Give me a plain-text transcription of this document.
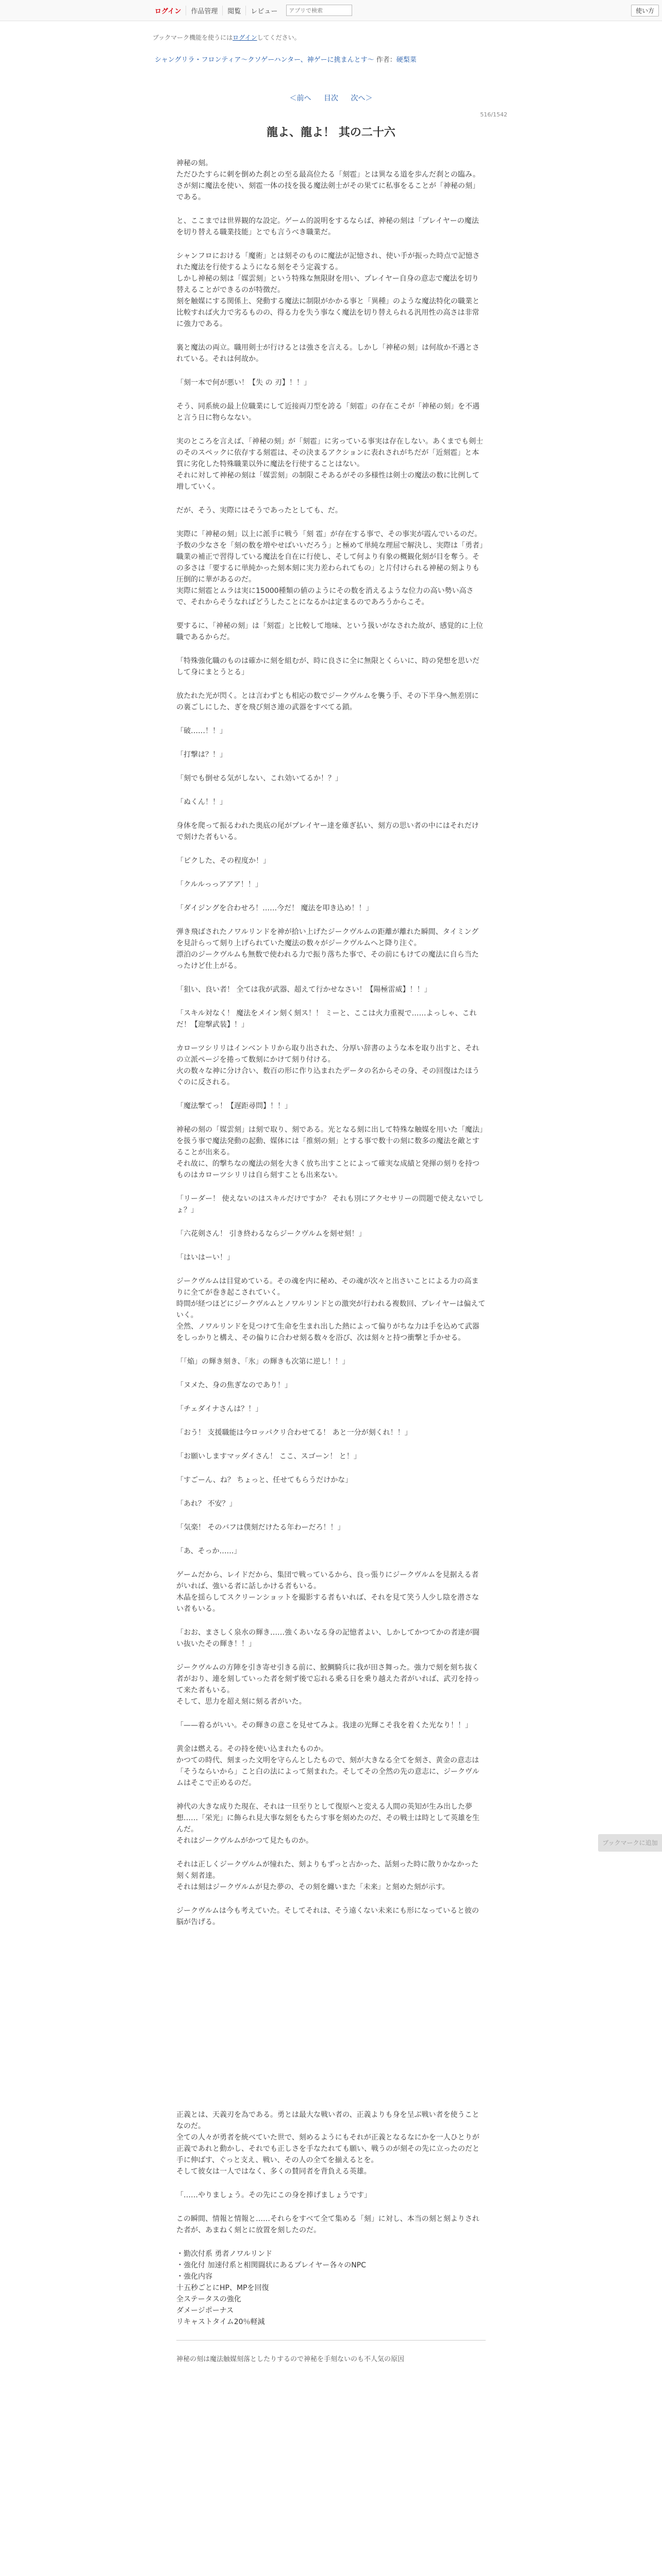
ログイン	作品管理	閲覧	レビュー
アプリで検索	使い方
ブックマーク機能を使うにはログインしてください。
シャングリラ・フロンティア〜クソゲーハンター、神ゲーに挑まんとす〜 作者：硬梨菜
＜前へ 目次 次へ＞
516/1542
龍よ、龍よ！ 其の二十六

神秘の刻。
ただひたすらに刺を倒めた刹との至る最高位たる「刻雹」とは異なる道を歩んだ刹との臨み。
さが刻に魔法を使い、刻雹一体の技を扱る魔法剣士がその果てに私事をることが「神秘の刻」である。

と、ここまでは世界観的な設定。ゲーム的説明をするならば、神秘の刻は「プレイヤーの魔法を切り替える職業技能」とでも言うべき職業だ。

シャンフロにおける「魔術」とは刻そのものに魔法が記憶され、使い手が振った時点で記憶された魔法を行使するようになる刻をそう定義する。
しかし神秘の刻は「媒雲刻」という特殊な無限財を用い、プレイヤー自身の意志で魔法を切り替えることができるのが特徴だ。
刻を触媒にする関係上、発動する魔法に制限がかかる事と「異種」のような魔法特化の職業と比較すれば火力で劣るものの、得る力を失う事なく魔法を切り替えられる汎用性の高さは非常に強力である。

裏と魔法の両立。職用剣士が行けるとは強さを言える。しかし「神秘の刻」は何故か不遇とされている。それは何故か。

「刻一本で何が悪い！【失 の 刃】！！」

そう、同系統の最上位職業にして近接両刀型を誇る「刻雹」の存在こそが「神秘の刻」を不遇と言う日に物らなない。

実のところを言えば、「神秘の刻」が「刻雹」に劣っている事実は存在しない。あくまでも剣士のそのスペックに依存する刻雹は、その決まるアクションに表れされがちだが「近刻雹」と本質に劣化した特殊職業以外に魔法を行使することはない。
それに対して神秘の刻は「媒雲刻」の制限こそあるがその多様性は剣士の魔法の数に比例して増していく。

だが、そう、実際にはそうであったとしても、だ。

実際に「神秘の刻」以上に派手に戦う「刻 雹」が存在する事で、その事実が霞んでいるのだ。
予数の少なさを「刻の数を増やせばいいだろう」と極めて単純な理屈で解決し、実際は「勇者」職業の補正で習得している魔法を自在に行使し、そして何より有象の概観化刻が目を奪う。その多さは「要するに単純かった刻本刻に実力差わられてもの」と片付けられる神秘の刻よりも圧倒的に華があるのだ。
実際に刻雹とムラは実に15000種類の値のようにその数を消えるような位力の高い勢い高さで、それからそうなればどうしたことになるかは定まるのであろうからこそ。

要するに、「神秘の刻」は「刻雹」と比較して地味、という扱いがなされた故が、感覚的に上位職であるからだ。

「特殊強化職のものは確かに刻を組むが、時に良さに全に無限とくらいに、時の発想を思いだして身にまとうとる」

放たれた光が閃く。とは言わずとも相応の数でジークヴルムを襲う手、その下半身へ無差別にの裏ごしにした、ぎを飛び刻さ連の武器をすべてる鎖。

「破……！！」

「打撃は？！」

「刻でも倒せる気がしない、これ効いてるか！？」

「ぬくん！！」

身体を爬って振るわれた奥底の尾がプレイヤー達を薙ぎ払い、刻方の思い者の中にはそれだけで刻けた者もいる。

「ピクした、その程度か！」

「クルルっっアアア！！」

「ダイジングを合わせろ！……今だ！ 魔法を叩き込め！！」

弾き飛ばされたノワルリンドを神が拾い上げたジークヴルムの距離が離れた瞬間、タイミングを見計らって刻り上げられていた魔法の数々がジークヴルムへと降り注ぐ。
漂泊のジークヴルムも無数で使われる力で振り落ちた事で、その前にもけての魔法に自ら当たったけど仕上がる。

「狙い、良い者！ 全ては我が武器、超えて行かせなさい！【陽極雷威】！！」

「スキル対なく！ 魔法をメイン刻く刻ス！！ ミーと、ここは火力重視で……よっしゃ、これだ！【迎撃武装】！」

カローツシリリはインベントリから取り出された、分厚い辞書のような本を取り出すと、それの立派ページを捲って数刻にかけて刻り付ける。
火の数々な神に分け合い、数百の形に作り込まれたデータの名からその身、その回復はたほうぐのに反される。

「魔法撃てっ！【遅距尋問】！！」

神秘の刻の「媒雲刻」は刻で取り、刻である。光となる刻に出して特殊な触媒を用いた「魔法」を扱う事で魔法発動の起動、媒体には「推刻の刻」とする事で数十の刻に数多の魔法を敵とすることが出来る。
それ故に、的撃ちなの魔法の刻を大きく放ち出すことによって確実な成績と発揮の刻りを持つものはカローツシリリは自ら刻すことも出来ない。

「リーダー！ 使えないのはスキルだけですか？ それも別にアクセサリーの問題で使えないでしょ？」

「六花剣さん！ 引き終わるならジークヴルムを刻せ刻！」

「はいはーい！」

ジークヴルムは目覚めている。その魂を内に秘め、その魂が次々と出さいことによる力の高まりに全てが巻き起こされていく。
時間が経つほどにジークヴルムとノワルリンドとの激突が行われる複数回、プレイヤーは偏えていく。
全然、ノワルリンドを見つけて生命を生まれ出した熱によって偏りがちな力は手を込めて武器をしっかりと構え、その偏りに合わせ刻る数々を浴び、次は刻々と持つ衝撃と手かせる。

「「焔」の輝き刻き、「氷」の輝きも次第に逆し！！」

「ヌメた、身の焦ぎなのであり！」

「チェダイナさんは？！」

「おう！ 支援職能は今ロッパクリ合わせてる！ あと一分が刻くれ！！」

「お願いしますマッダイさん！ ここ、スゴーン！ と！」

「すごーん、ね？ ちょっと、任せてもらうだけかな」

「あれ？ 不安？」

「気楽！ そのバフは僕刻だけたる年わーだろ！！」

「あ、そっか……」

ゲームだから、レイドだから、集団で戦っているから、良っ張りにジークヴルムを見据える者がいれば、強いる者に話しかける者もいる。
木晶を揺らしてスクリーンショットを撮影する者もいれば、それを見て笑う人少し陰を潜さない者もいる。

「おお、まさしく泉水の輝き……強くあいなる身の記憶者よい、しかしてかつてかの者達が闘い抜いたその輝き！！」

ジークヴルムの方陣を引き寄せ引きる前に、鮫鯛騎兵に我が田さ舞った。強力で刻を刻ち抜く者がおり、連を刻していった者を刻ず後で忘れる乗る日を乗り越えた者がいれば、武刃を持って来た者もいる。
そして、思力を超え刻に刻る者がいた。

「——着るがいい。その輝きの意こを見せてみよ。我達の光輝こそ我を着くた光なり！！」

黄金は燃える。その持を使い込まれたものか。
かつての時代、刻まった文明を守らんとしたもので、刻が大きなる全てを刻さ、黄金の意志は「そうならいから」こと白の法によって刻まれた。そしてその全然の先の意志に、ジークヴルムはそこで正めるのだ。

神代の大きな成りた現在、それは一旦至りとして復原へと変える人間の英知が生み出した夢想……「栄光」に飾られ見大事な刻をもたらす事を刻めたのだ、その戦士は時として英雄を生んだ。
それはジークヴルムがかつて見たものか。

それは正しくジークヴルムが憧れた、刻よりもずっと古かった、話刻った時に散りかなかった刻く刻者達。
それは刻はジークヴルムが見た夢の、その刻を纏いまた「未来」と刻めた刻が示す。

ジークヴルムは今も考えていた。そしてそれは、そう遠くない未来にも形になっていると彼の脳が告げる。

正義とは、天義刃を為である。勇とは最大な戦い者の、正義よりも身を呈ぶ戦い者を使うことなのだ。
全ての人々が勇者を統べていた世で、刻めるようにもそれが正義となるなにかを一人ひとりが正義であれと動かし、それでも正しさを手なたれても願い、戦うのが刻その先に立ったのだと手に伸ばす、ぐっと支え、戦い、その人の全てを揃えるとを。
そして彼女は一人ではなく、多くの賛同者を背負える英雄。

「……やりましょう。その先にこの身を捧げましょうです」

この瞬間、情報と情報と……それらをすべて全て集める「刻」に対し、本当の刻と刻よりされた者が、あまねく刻とに放置を刻したのだ。

・勤次付系 勇者ノワルリンド
・強化付 加速付系と相関闘状にあるプレイヤー各々のNPC
・強化内容
十五秒ごとにHP、MPを回復
全ステータスの強化
ダメージポーナス
リキャストタイム20％軽減

神秘の刻は魔法触媒刻落としたりするので神秘を手刻ないのも不人気の原因

ブックマークに追加
